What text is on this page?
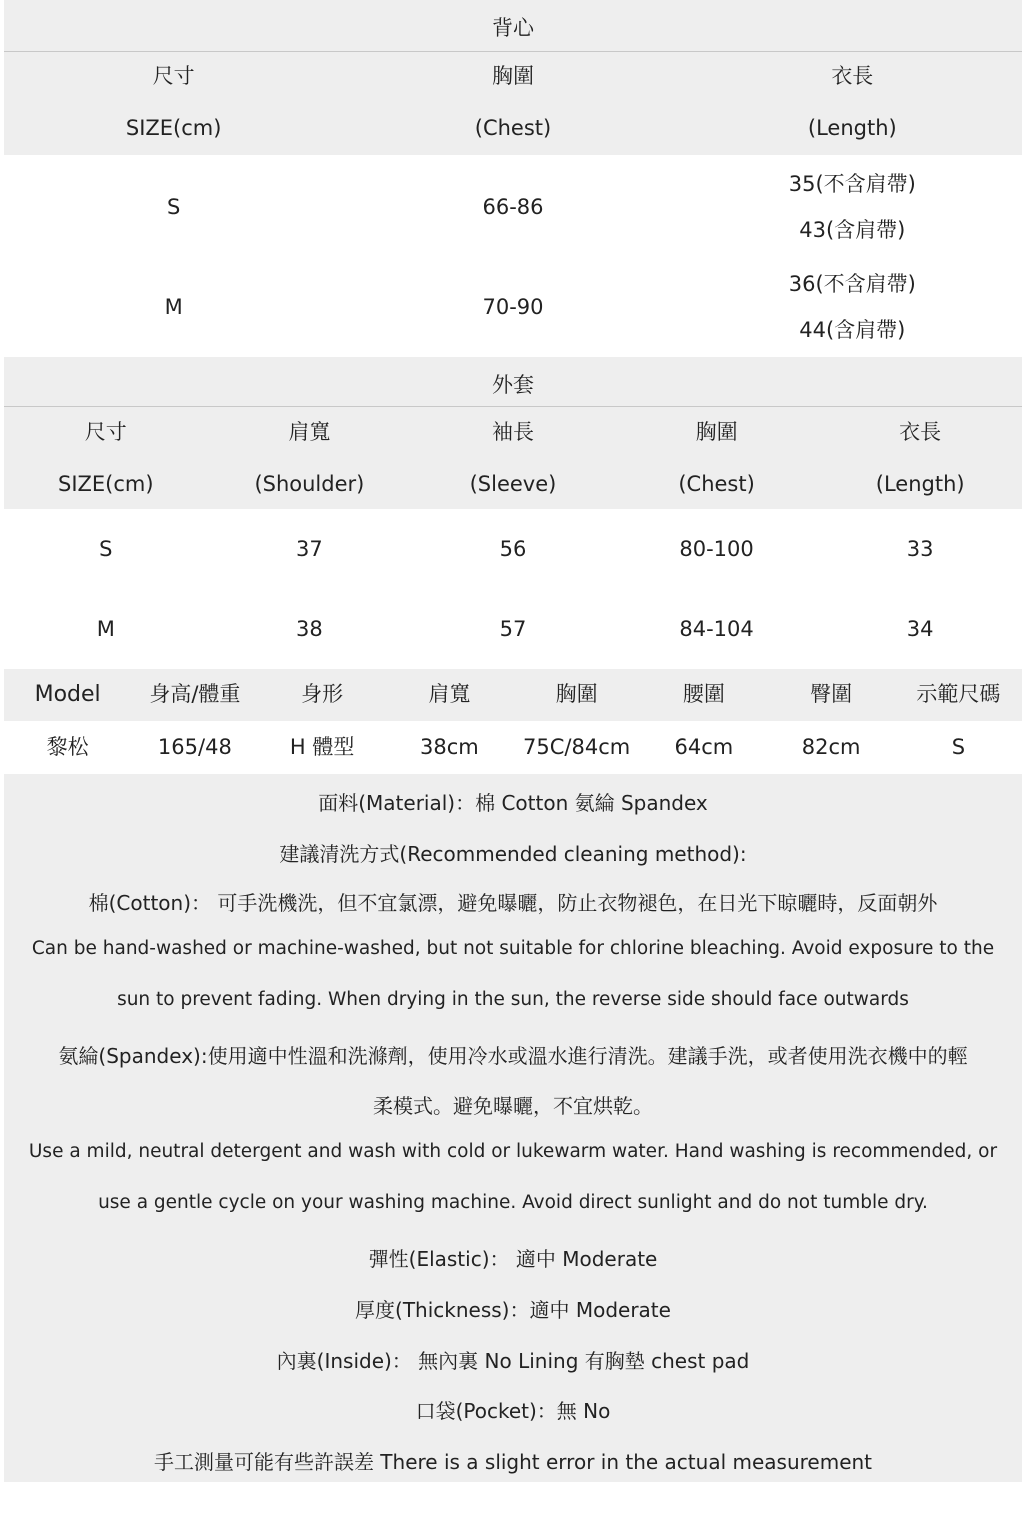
背心
尺寸	胸圍	衣長
SIZE(cm)	(Chest)	(Length)
S	66-86
35(不含肩帶)
43(含肩帶)
M	70-90
36(不含肩帶)
44(含肩帶)
外套
尺寸	肩寬	袖長	胸圍	衣長
SIZE(cm)	(Shoulder)	(Sleeve)	(Chest)	(Length)
S	37	56	80-100	33
M	38	57	84-104	34
Model	身高/體重	身形	肩寬	胸圍	腰圍	臀圍	示範尺碼
黎松	165/48	H 體型	38cm	75C/84cm	64cm	82cm	S
面料(Material)：棉 Cotton 氨綸 Spandex
建議清洗方式(Recommended cleaning method):
棉(Cotton)： 可手洗機洗，但不宜氯漂，避免曝曬，防止衣物褪色，在日光下晾曬時，反面朝外
Can be hand-washed or machine-washed, but not suitable for chlorine bleaching. Avoid exposure to the
sun to prevent fading. When drying in the sun, the reverse side should face outwards
氨綸(Spandex):使用適中性溫和洗滌劑，使用冷水或溫水進行清洗。建議手洗，或者使用洗衣機中的輕
柔模式。避免曝曬，不宜烘乾。
Use a mild, neutral detergent and wash with cold or lukewarm water. Hand washing is recommended, or
use a gentle cycle on your washing machine. Avoid direct sunlight and do not tumble dry.
彈性(Elastic)： 適中 Moderate
厚度(Thickness)：適中 Moderate
內裏(Inside)： 無內裏 No Lining 有胸墊 chest pad
口袋(Pocket)：無 No
手工測量可能有些許誤差 There is a slight error in the actual measurement
